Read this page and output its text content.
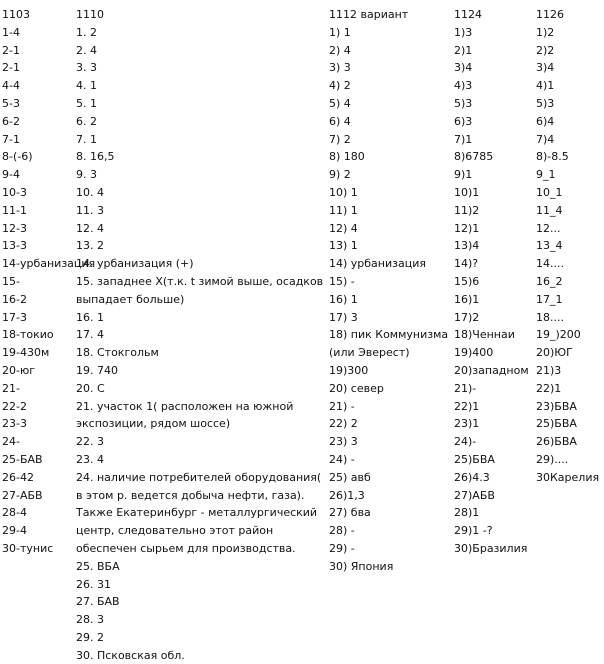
1103
1-4
2-1
2-1
4-4
5-3
6-2
7-1
8-(-6)
9-4
10-3
11-1
12-3
13-3
14-урбанизация
15-
16-2
17-3
18-токио
19-430м
20-юг
21-
22-2
23-3
24-
25-БАВ
26-42
27-АБВ
28-4
29-4
30-тунис
1110
1. 2
2. 4
3. 3
4. 1
5. 1
6. 2
7. 1
8. 16,5
9. 3
10. 4
11. 3
12. 4
13. 2
14. урбанизация (+)
15. западнее Х(т.к. t зимой выше, осадков выпадает больше)
16. 1
17. 4
18. Стокгольм
19. 740
20. С
21. участок 1( расположен на южной экспозиции, рядом шоссе)
22. 3
23. 4
24. наличие потребителей оборудования( в этом р. ведется добыча нефти, газа). Также Екатеринбург - металлургический центр, следовательно этот район обеспечен сырьем для производства.
25. ВБА
26. 31
27. БАВ
28. 3
29. 2
30. Псковская обл.
1112 вариант
1) 1
2) 4
3) 3
4) 2
5) 4
6) 4
7) 2
8) 180
9) 2
10) 1
11) 1
12) 4
13) 1
14) урбанизация
15) -
16) 1
17) 3
18) пик Коммунизма (или Эверест)
19)300
20) север
21) -
22) 2
23) 3
24) -
25) авб
26)1,3
27) бва
28) -
29) -
30) Япония
1124
1)3
2)1
3)4
4)3
5)3
6)3
7)1
8)6785
9)1
10)1
11)2
12)1
13)4
14)?
15)6
16)1
17)2
18)Ченнаи
19)400
20)западном
21)-
22)1
23)1
24)-
25)БВА
26)4.3
27)АБВ
28)1
29)1 -?
30)Бразилия
1126
1)2
2)2
3)4
4)1
5)3
6)4
7)4
8)-8.5
9_1
10_1
11_4
12...
13_4
14....
16_2
17_1
18....
19_)200
20)ЮГ
21)3
22)1
23)БВА
25)БВА
26)БВА
29)....
30Карелия
